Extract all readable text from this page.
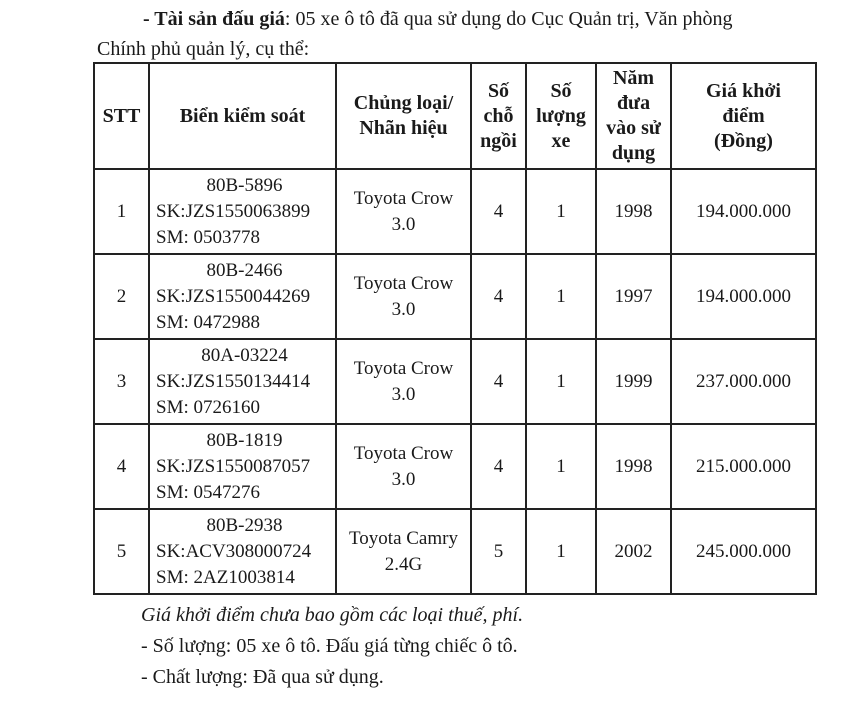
- Tài sản đấu giá: 05 xe ô tô đã qua sử dụng do Cục Quản trị, Văn phòng
Chính phủ quản lý, cụ thể:

STT	Biển kiểm soát	Chủng loại/ Nhãn hiệu	Số chỗ ngồi	Số lượng xe	Năm đưa vào sử dụng	Giá khởi điểm (Đồng)
1	80B-5896
SK:JZS1550063899
SM: 0503778	Toyota Crow 3.0	4	1	1998	194.000.000
2	80B-2466
SK:JZS1550044269
SM: 0472988	Toyota Crow 3.0	4	1	1997	194.000.000
3	80A-03224
SK:JZS1550134414
SM: 0726160	Toyota Crow 3.0	4	1	1999	237.000.000
4	80B-1819
SK:JZS1550087057
SM: 0547276	Toyota Crow 3.0	4	1	1998	215.000.000
5	80B-2938
SK:ACV308000724
SM: 2AZ1003814	Toyota Camry 2.4G	5	1	2002	245.000.000
Giá khởi điểm chưa bao gồm các loại thuế, phí.
- Số lượng: 05 xe ô tô. Đấu giá từng chiếc ô tô.
- Chất lượng: Đã qua sử dụng.
